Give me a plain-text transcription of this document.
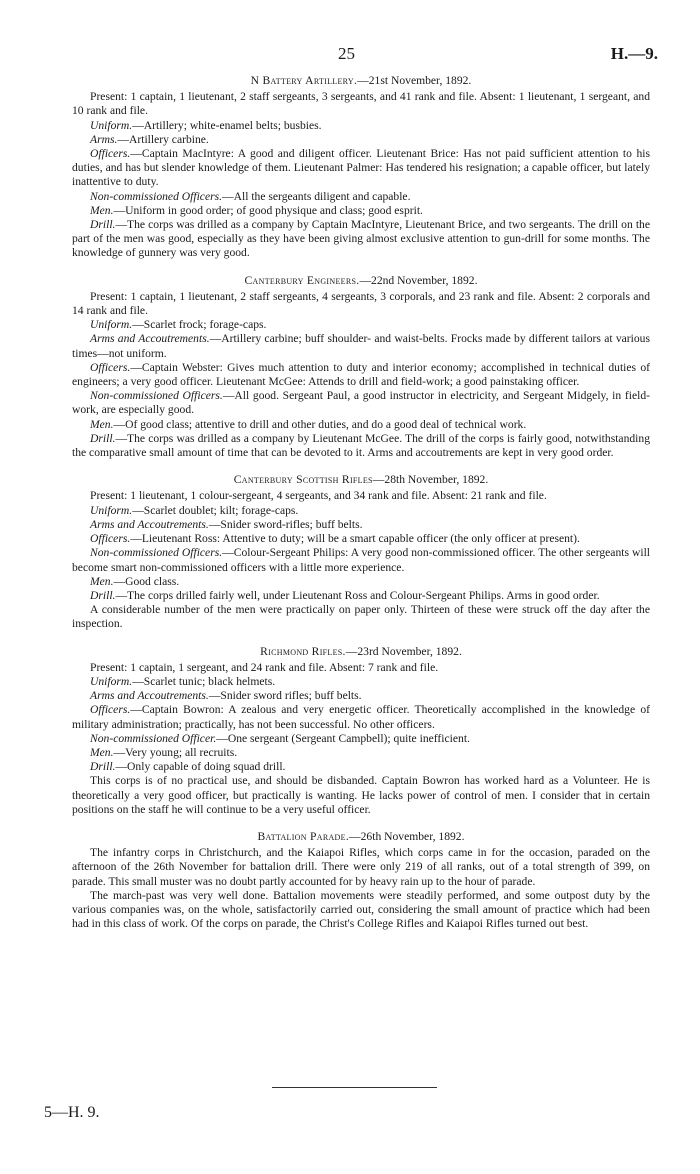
25	H.—9.
N Battery Artillery.—21st November, 1892.

Present: 1 captain, 1 lieutenant, 2 staff sergeants, 3 sergeants, and 41 rank and file. Absent: 1 lieutenant, 1 sergeant, and 10 rank and file.

Uniform.—Artillery; white-enamel belts; busbies.

Arms.—Artillery carbine.

Officers.—Captain MacIntyre: A good and diligent officer. Lieutenant Brice: Has not paid sufficient attention to his duties, and has but slender knowledge of them. Lieutenant Palmer: Has tendered his resignation; a capable officer, but lately inattentive to duty.

Non-commissioned Officers.—All the sergeants diligent and capable.

Men.—Uniform in good order; of good physique and class; good esprit.

Drill.—The corps was drilled as a company by Captain MacIntyre, Lieutenant Brice, and two sergeants. The drill on the part of the men was good, especially as they have been giving almost exclusive attention to gun-drill for some months. The knowledge of gunnery was very good.

Canterbury Engineers.—22nd November, 1892.

Present: 1 captain, 1 lieutenant, 2 staff sergeants, 4 sergeants, 3 corporals, and 23 rank and file. Absent: 2 corporals and 14 rank and file.

Uniform.—Scarlet frock; forage-caps.

Arms and Accoutrements.—Artillery carbine; buff shoulder- and waist-belts. Frocks made by different tailors at various times—not uniform.

Officers.—Captain Webster: Gives much attention to duty and interior economy; accomplished in technical duties of engineers; a very good officer. Lieutenant McGee: Attends to drill and field-work; a good painstaking officer.

Non-commissioned Officers.—All good. Sergeant Paul, a good instructor in electricity, and Sergeant Midgely, in field-work, are especially good.

Men.—Of good class; attentive to drill and other duties, and do a good deal of technical work.

Drill.—The corps was drilled as a company by Lieutenant McGee. The drill of the corps is fairly good, notwithstanding the comparative small amount of time that can be devoted to it. Arms and accoutrements are kept in very good order.

Canterbury Scottish Rifles—28th November, 1892.

Present: 1 lieutenant, 1 colour-sergeant, 4 sergeants, and 34 rank and file. Absent: 21 rank and file.

Uniform.—Scarlet doublet; kilt; forage-caps.

Arms and Accoutrements.—Snider sword-rifles; buff belts.

Officers.—Lieutenant Ross: Attentive to duty; will be a smart capable officer (the only officer at present).

Non-commissioned Officers.—Colour-Sergeant Philips: A very good non-commissioned officer. The other sergeants will become smart non-commissioned officers with a little more experience.

Men.—Good class.

Drill.—The corps drilled fairly well, under Lieutenant Ross and Colour-Sergeant Philips. Arms in good order.

A considerable number of the men were practically on paper only. Thirteen of these were struck off the day after the inspection.

Richmond Rifles.—23rd November, 1892.

Present: 1 captain, 1 sergeant, and 24 rank and file. Absent: 7 rank and file.

Uniform.—Scarlet tunic; black helmets.

Arms and Accoutrements.—Snider sword rifles; buff belts.

Officers.—Captain Bowron: A zealous and very energetic officer. Theoretically accomplished in the knowledge of military administration; practically, has not been successful. No other officers.

Non-commissioned Officer.—One sergeant (Sergeant Campbell); quite inefficient.

Men.—Very young; all recruits.

Drill.—Only capable of doing squad drill.

This corps is of no practical use, and should be disbanded. Captain Bowron has worked hard as a Volunteer. He is theoretically a very good officer, but practically is wanting. He lacks power of control of men. I consider that in certain positions on the staff he will continue to be a very useful officer.

Battalion Parade.—26th November, 1892.

The infantry corps in Christchurch, and the Kaiapoi Rifles, which corps came in for the occasion, paraded on the afternoon of the 26th November for battalion drill. There were only 219 of all ranks, out of a total strength of 399, on parade. This small muster was no doubt partly accounted for by heavy rain up to the hour of parade.

The march-past was very well done. Battalion movements were steadily performed, and some outpost duty by the various companies was, on the whole, satisfactorily carried out, considering the small amount of practice which had been had in this class of work. Of the corps on parade, the Christ's College Rifles and Kaiapoi Rifles turned out best.

5—H. 9.
